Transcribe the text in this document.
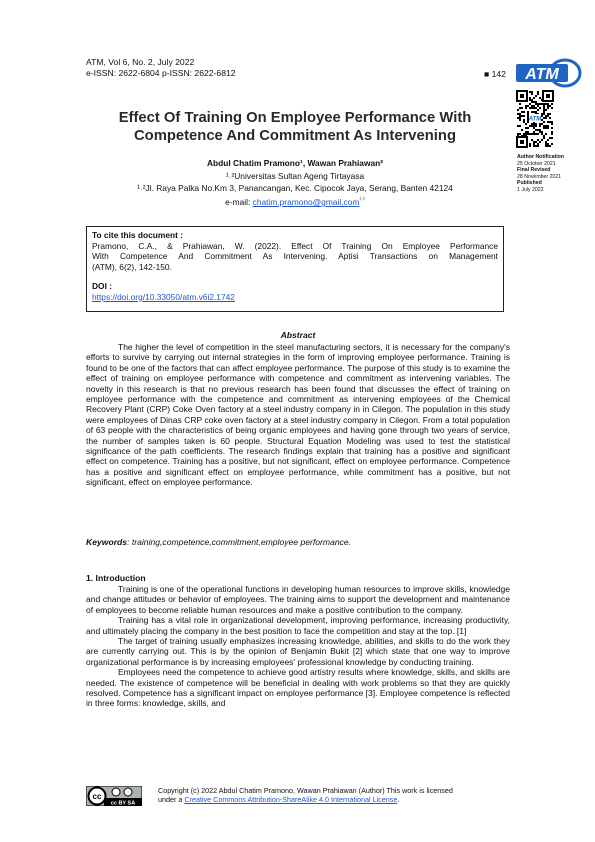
ATM, Vol 6, No. 2, July 2022
e-ISSN: 2622-6804 p-ISSN: 2622-6812	■ 142 ATM
ATM
Author Notification
25 October 2021
Final Revised
28 November 2021
Published
1 July 2022
Effect Of Training On Employee Performance With
Competence And Commitment As Intervening
Abdul Chatim Pramono¹, Wawan Prahiawan²
¹˒²Universitas Sultan Ageng Tirtayasa
¹˒²Jl. Raya Palka No.Km 3, Panancangan, Kec. Cipocok Jaya, Serang, Banten 42124
e-mail: chatim.pramono@gmail.com$^{^1˒^2}$
To cite this document :
Pramono, C.A., & Prahiawan, W. (2022). Effect Of Training On Employee Performance
With Competence And Commitment As Intervening. Aptisi Transactions on Management
(ATM), 6(2), 142-150.
DOI :
https://doi.org/10.33050/atm.v6i2.1742
Abstract

The higher the level of competition in the steel manufacturing sectors, it is necessary for the company's efforts to survive by carrying out internal strategies in the form of improving employee performance. Training is found to be one of the factors that can affect employee performance. The purpose of this study is to examine the effect of training on employee performance with competence and commitment as intervening variables. The novelty in this research is that no previous research has been found that discusses the effect of training on employee performance with the competence and commitment as intervening employees of the Chemical Recovery Plant (CRP) Coke Oven factory at a steel industry company in in Cilegon. The population in this study were employees of Dinas CRP coke oven factory at a steel industry company in Cilegon. From a total population of 63 people with the characteristics of being organic employees and having gone through two years of service, the number of samples taken is 60 people. Structural Equation Modeling was used to test the statistical significance of the path coefficients. The research findings explain that training has a positive and significant effect on competence. Training has a positive, but not significant, effect on employee performance. Competence has a positive and significant effect on employee performance, while commitment has a positive, but not significant, effect on employee performance.

Keywords: training,competence,commitment,employee performance.
1. Introduction

Training is one of the operational functions in developing human resources to improve skills, knowledge and change attitudes or behavior of employees. The training aims to support the development and maintenance of employees to become reliable human resources and make a positive contribution to the company.

Training has a vital role in organizational development, improving performance, increasing productivity, and ultimately placing the company in the best position to face the competition and stay at the top. [1]

The target of training usually emphasizes increasing knowledge, abilities, and skills to do the work they are currently carrying out. This is by the opinion of Benjamin Bukit [2] which state that one way to improve organizational performance is by increasing employees' professional knowledge by conducting training.

Employees need the competence to achieve good artistry results where knowledge, skills, and skills are needed. The existence of competence will be beneficial in dealing with work problems so that they are quickly resolved. Competence has a significant impact on employee performance [3]. Employee competence is reflected in three forms: knowledge, skills, and

cc
cc BY SA
Copyright (c) 2022 Abdul Chatim Pramono, Wawan Prahiawan (Author) This work is licensed
under a Creative Commons Attribution-ShareAlike 4.0 International License.
